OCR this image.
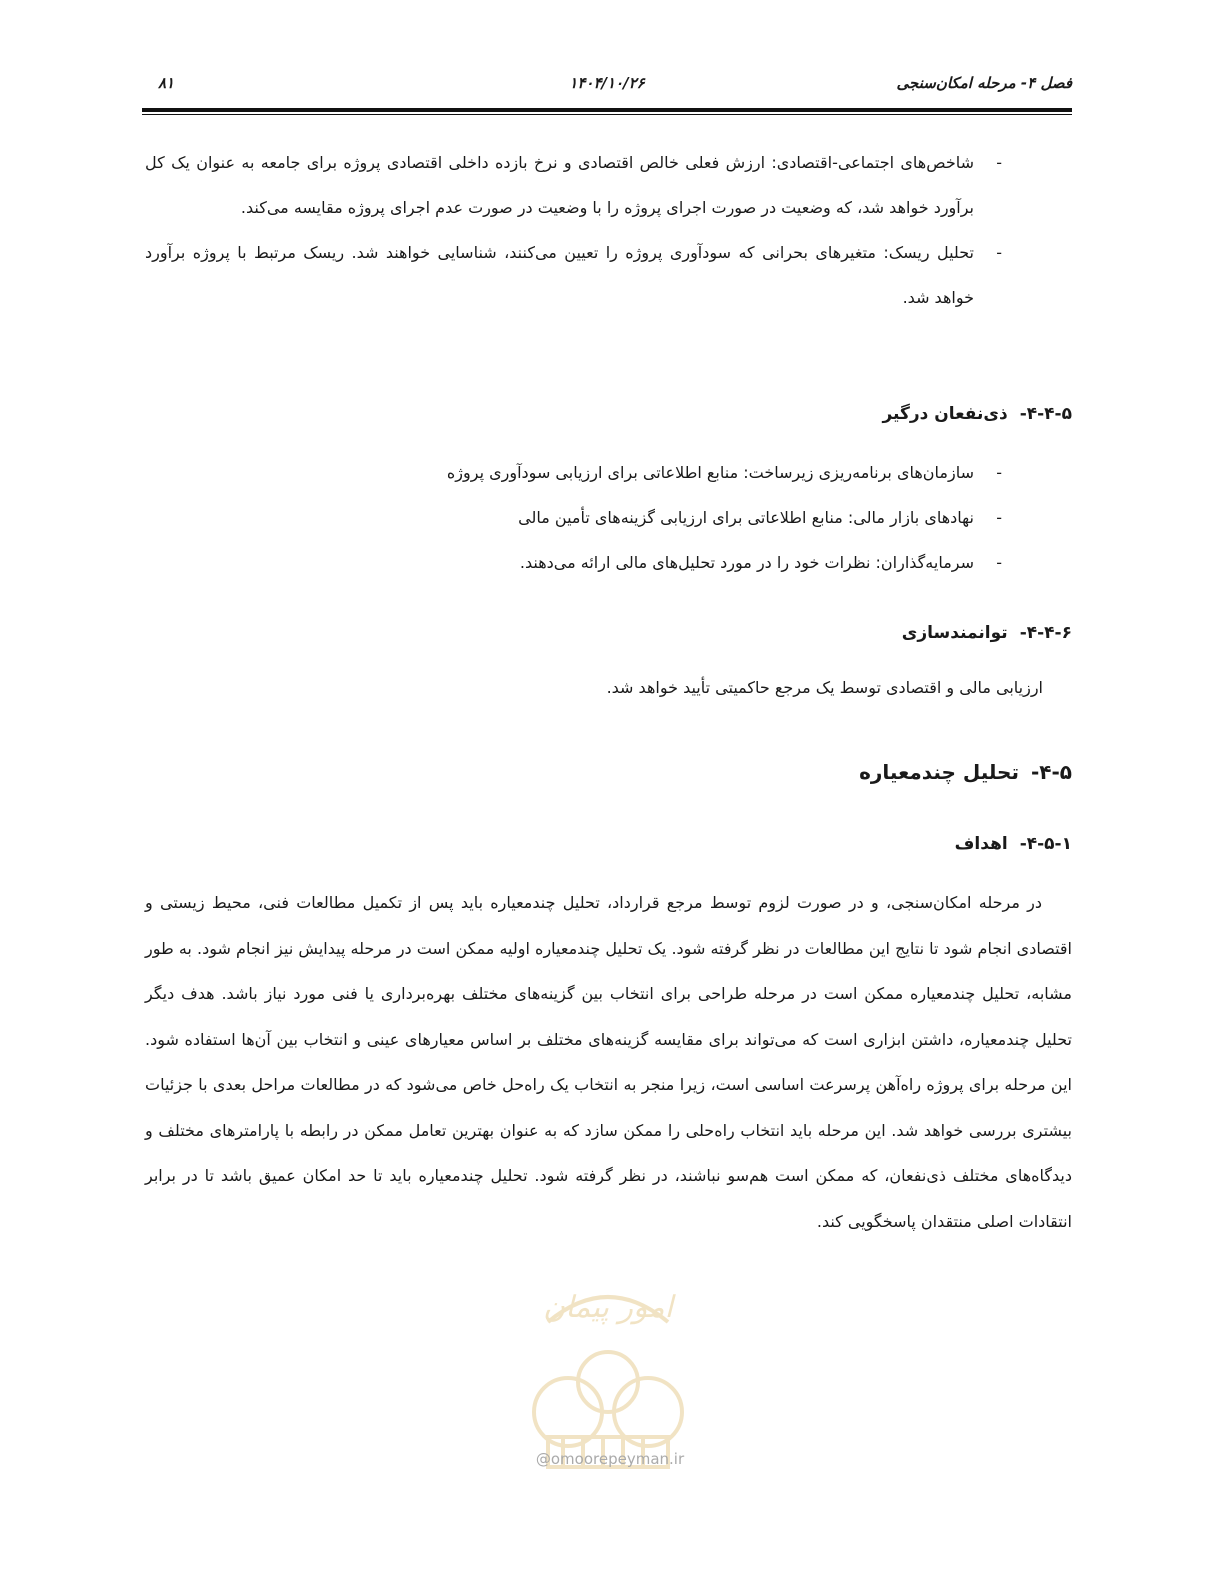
فصل ۴- مرحله امکان‌سنجی
۱۴۰۴/۱۰/۲۶
۸۱
-
شاخص‌های اجتماعی-اقتصادی: ارزش فعلی خالص اقتصادی و نرخ بازده داخلی اقتصادی پروژه برای جامعه به عنوان یک کل برآورد خواهد شد، که وضعیت در صورت اجرای پروژه را با وضعیت در صورت عدم اجرای پروژه مقایسه می‌کند.
-
تحلیل ریسک: متغیرهای بحرانی که سودآوری پروژه را تعیین می‌کنند، شناسایی خواهند شد. ریسک مرتبط با پروژه برآورد خواهد شد.
۴-۴-۵-ذی‌نفعان درگیر
-
سازمان‌های برنامه‌ریزی زیرساخت: منابع اطلاعاتی برای ارزیابی سودآوری پروژه
-
نهادهای بازار مالی: منابع اطلاعاتی برای ارزیابی گزینه‌های تأمین مالی
-
سرمایه‌گذاران: نظرات خود را در مورد تحلیل‌های مالی ارائه می‌دهند.
۴-۴-۶-توانمندسازی
ارزیابی مالی و اقتصادی توسط یک مرجع حاکمیتی تأیید خواهد شد.
۴-۵-تحلیل چندمعیاره
۴-۵-۱-اهداف
در مرحله امکان‌سنجی، و در صورت لزوم توسط مرجع قرارداد، تحلیل چندمعیاره باید پس از تکمیل مطالعات فنی، محیط زیستی و اقتصادی انجام شود تا نتایج این مطالعات در نظر گرفته شود. یک تحلیل چندمعیاره اولیه ممکن است در مرحله پیدایش نیز انجام شود. به طور مشابه، تحلیل چندمعیاره ممکن است در مرحله طراحی برای انتخاب بین گزینه‌های مختلف بهره‌برداری یا فنی مورد نیاز باشد. هدف دیگر تحلیل چندمعیاره، داشتن ابزاری است که می‌تواند برای مقایسه گزینه‌های مختلف بر اساس معیارهای عینی و انتخاب بین آن‌ها استفاده شود. این مرحله برای پروژه راه‌آهن پرسرعت اساسی است، زیرا منجر به انتخاب یک راه‌حل خاص می‌شود که در مطالعات مراحل بعدی با جزئیات بیشتری بررسی خواهد شد. این مرحله باید انتخاب راه‌حلی را ممکن سازد که به عنوان بهترین تعامل ممکن در رابطه با پارامترهای مختلف و دیدگاه‌های مختلف ذی‌نفعان، که ممکن است هم‌سو نباشند، در نظر گرفته شود. تحلیل چندمعیاره باید تا حد امکان عمیق باشد تا در برابر انتقادات اصلی منتقدان پاسخگویی کند.
امور پیمان
@omoorepeyman.ir
